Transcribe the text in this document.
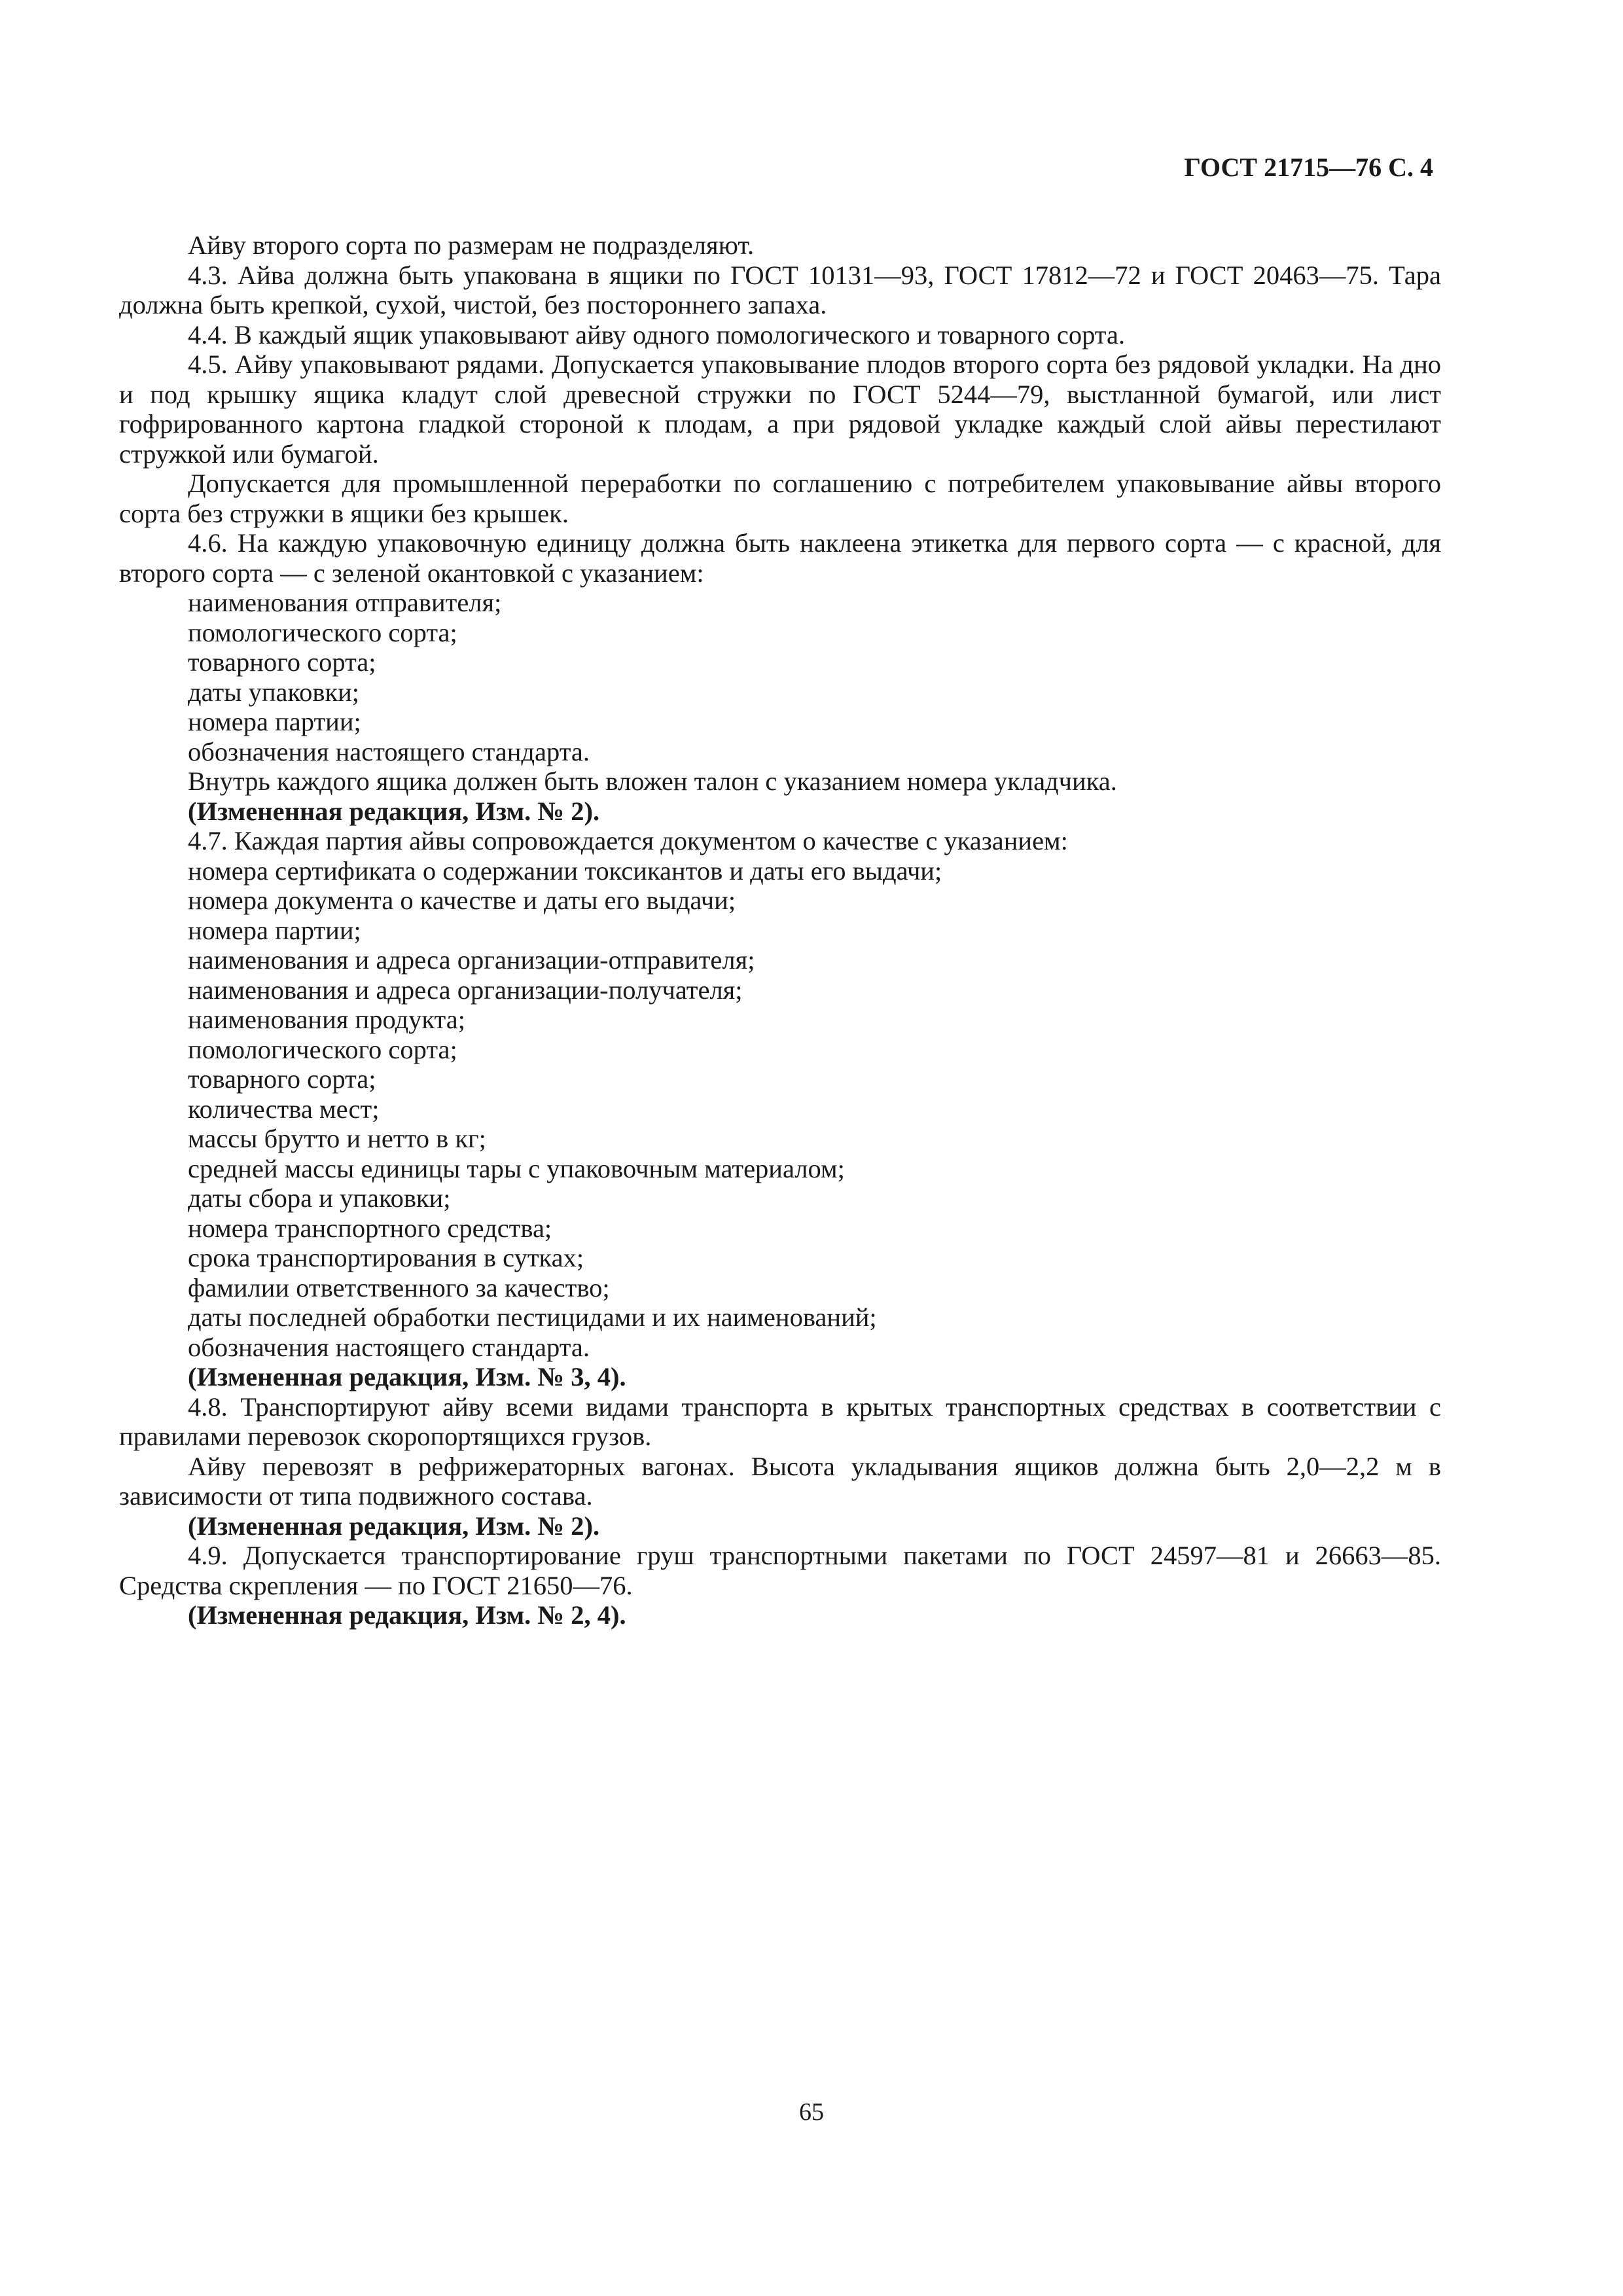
ГОСТ 21715—76 С. 4

Айву второго сорта по размерам не подразделяют.

4.3. Айва должна быть упакована в ящики по ГОСТ 10131—93, ГОСТ 17812—72 и ГОСТ 20463—75. Тара должна быть крепкой, сухой, чистой, без постороннего запаха.

4.4. В каждый ящик упаковывают айву одного помологического и товарного сорта.

4.5. Айву упаковывают рядами. Допускается упаковывание плодов второго сорта без рядовой укладки. На дно и под крышку ящика кладут слой древесной стружки по ГОСТ 5244—79, выстланной бумагой, или лист гофрированного картона гладкой стороной к плодам, а при рядовой укладке каждый слой айвы перестилают стружкой или бумагой.

Допускается для промышленной переработки по соглашению с потребителем упаковывание айвы второго сорта без стружки в ящики без крышек.

4.6. На каждую упаковочную единицу должна быть наклеена этикетка для первого сорта — с красной, для второго сорта — с зеленой окантовкой с указанием:

наименования отправителя;

помологического сорта;

товарного сорта;

даты упаковки;

номера партии;

обозначения настоящего стандарта.

Внутрь каждого ящика должен быть вложен талон с указанием номера укладчика.

(Измененная редакция, Изм. № 2).

4.7. Каждая партия айвы сопровождается документом о качестве с указанием:

номера сертификата о содержании токсикантов и даты его выдачи;

номера документа о качестве и даты его выдачи;

номера партии;

наименования и адреса организации-отправителя;

наименования и адреса организации-получателя;

наименования продукта;

помологического сорта;

товарного сорта;

количества мест;

массы брутто и нетто в кг;

средней массы единицы тары с упаковочным материалом;

даты сбора и упаковки;

номера транспортного средства;

срока транспортирования в сутках;

фамилии ответственного за качество;

даты последней обработки пестицидами и их наименований;

обозначения настоящего стандарта.

(Измененная редакция, Изм. № 3, 4).

4.8. Транспортируют айву всеми видами транспорта в крытых транспортных средствах в соответствии с правилами перевозок скоропортящихся грузов.

Айву перевозят в рефрижераторных вагонах. Высота укладывания ящиков должна быть 2,0—2,2 м в зависимости от типа подвижного состава.

(Измененная редакция, Изм. № 2).

4.9. Допускается транспортирование груш транспортными пакетами по ГОСТ 24597—81 и 26663—85. Средства скрепления — по ГОСТ 21650—76.

(Измененная редакция, Изм. № 2, 4).

65
